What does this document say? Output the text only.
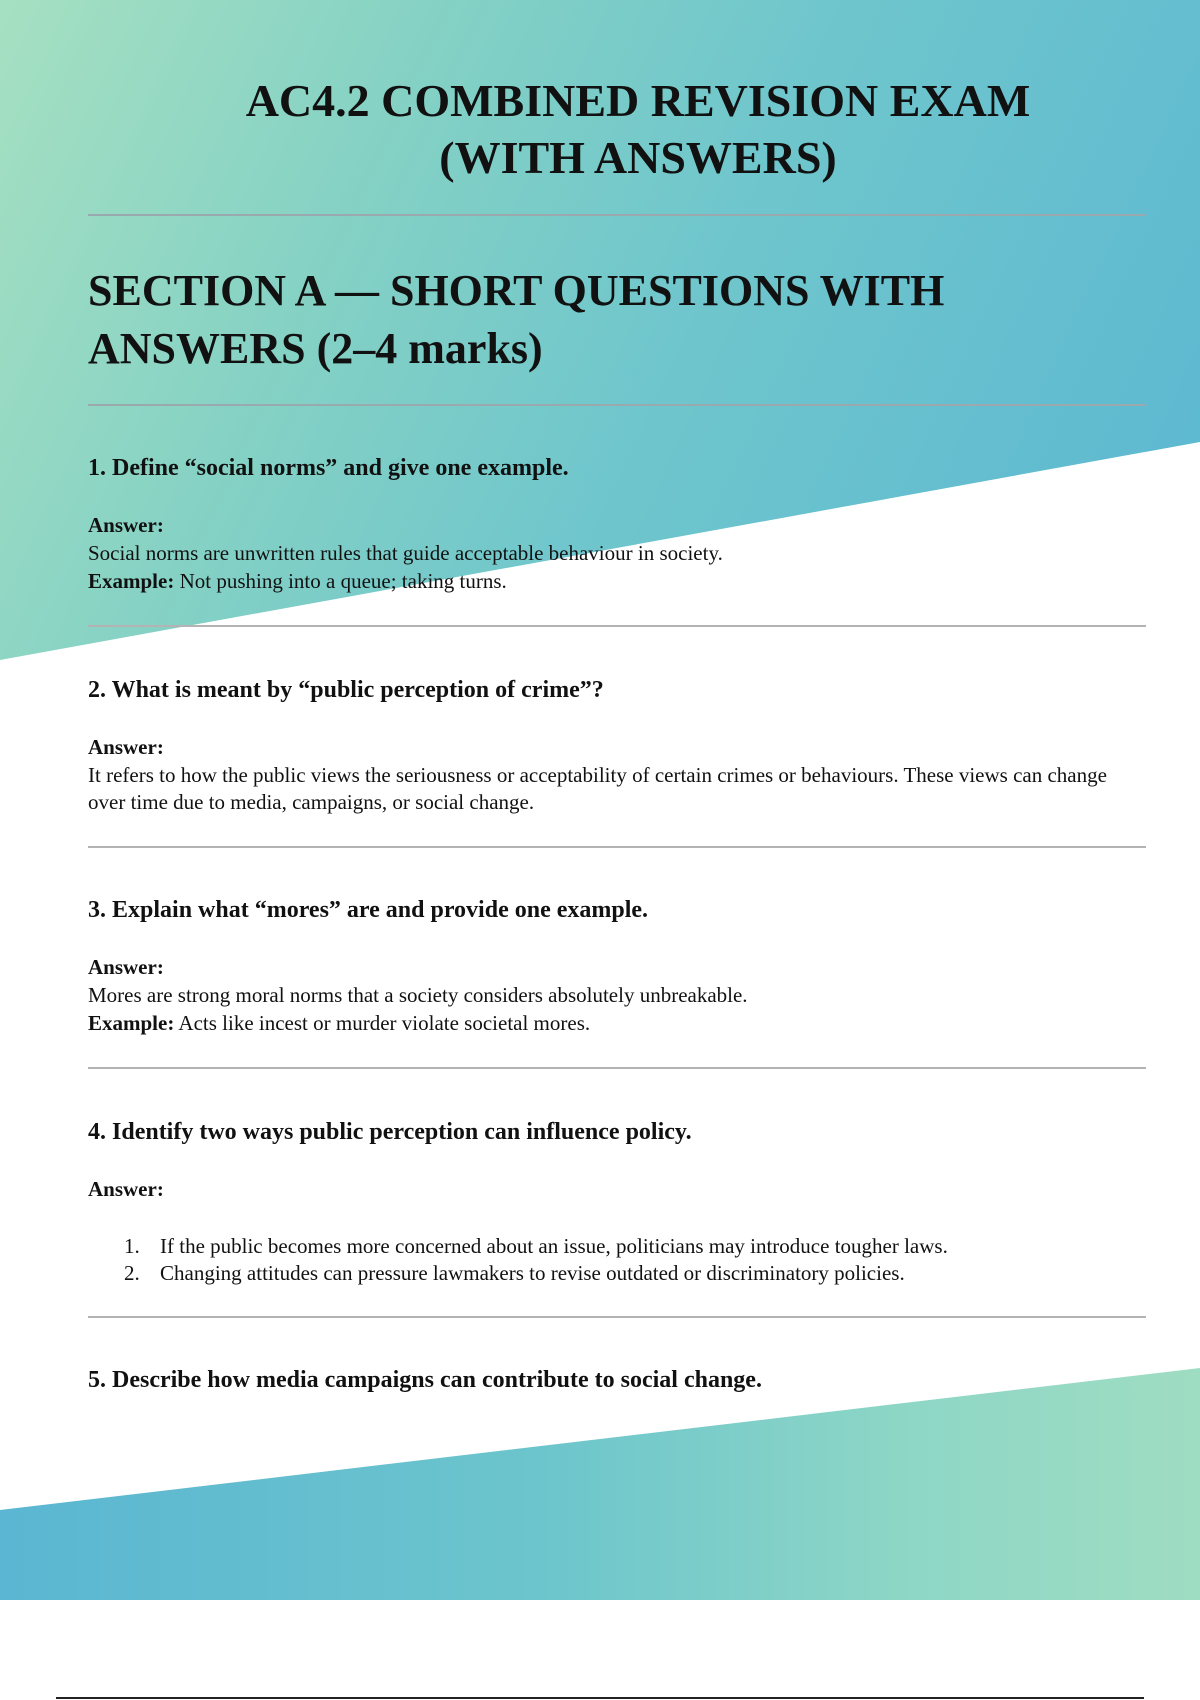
AC4.2 COMBINED REVISION EXAM
(WITH ANSWERS)
SECTION A — SHORT QUESTIONS WITH ANSWERS (2–4 marks)
1. Define “social norms” and give one example.

Answer:

Social norms are unwritten rules that guide acceptable behaviour in society.

Example: Not pushing into a queue; taking turns.

2. What is meant by “public perception of crime”?

Answer:

It refers to how the public views the seriousness or acceptability of certain crimes or behaviours. These views can change over time due to media, campaigns, or social change.

3. Explain what “mores” are and provide one example.

Answer:

Mores are strong moral norms that a society considers absolutely unbreakable.

Example: Acts like incest or murder violate societal mores.

4. Identify two ways public perception can influence policy.

Answer:

1. If the public becomes more concerned about an issue, politicians may introduce tougher laws.
2. Changing attitudes can pressure lawmakers to revise outdated or discriminatory policies.
5. Describe how media campaigns can contribute to social change.
